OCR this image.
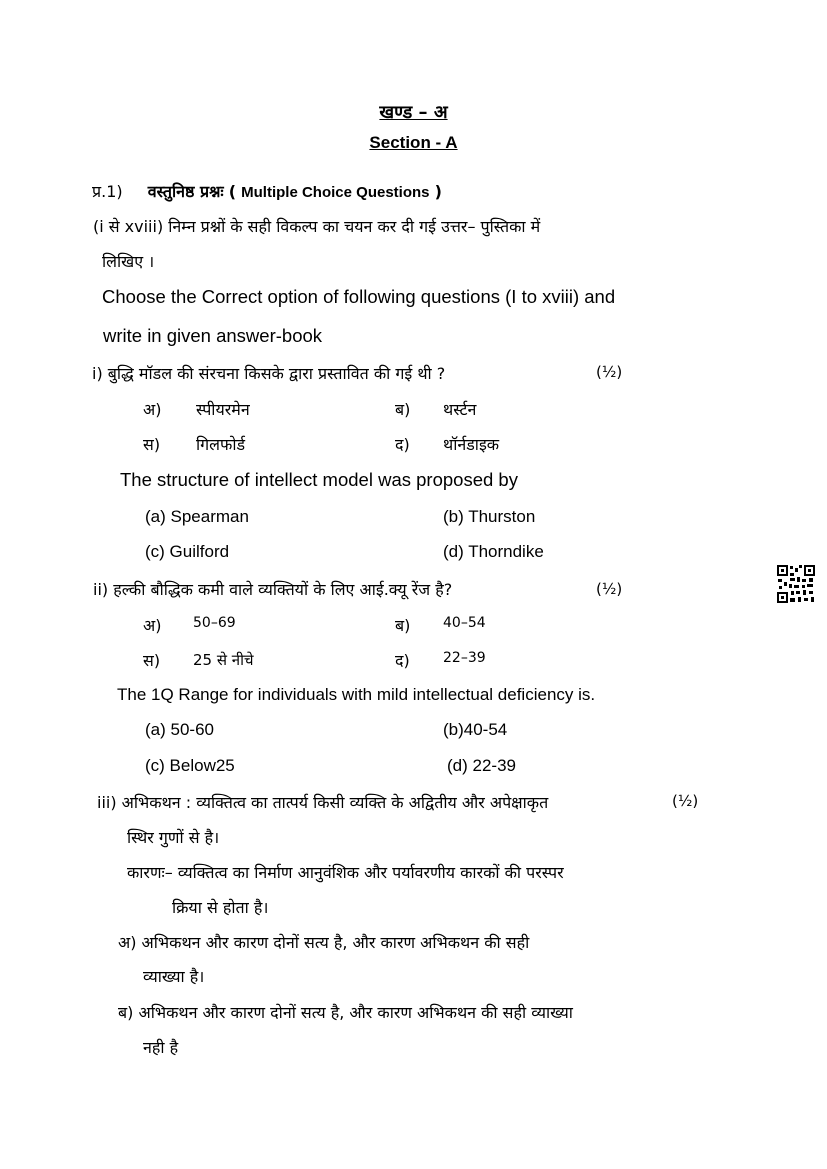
खण्ड – अ
Section - A
प्र.1) वस्तुनिष्ठ प्रश्नः ( Multiple Choice Questions )
(i से xviii) निम्न प्रश्नों के सही विकल्प का चयन कर दी गई उत्तर– पुस्तिका में
लिखिए ।
Choose the Correct option of following questions (I to xviii) and
write in given answer-book
i) बुद्धि मॉडल की संरचना किसके द्वारा प्रस्तावित की गई थी ?	(½)
अ) स्पीयरमेन	ब) थर्स्टन
स) गिलफोर्ड	द) थॉर्नडाइक
The structure of intellect model was proposed by
(a) Spearman	(b) Thurston
(c) Guilford	(d) Thorndike
ii) हल्की बौद्धिक कमी वाले व्यक्तियों के लिए आई.क्यू रेंज है?	(½)
अ) 50–69	ब) 40–54
स) 25 से नीचे	द) 22–39
The 1Q Range for individuals with mild intellectual deficiency is.
(a) 50-60	(b)40-54
(c) Below25	(d) 22-39
iii) अभिकथन : व्यक्तित्व का तात्पर्य किसी व्यक्ति के अद्वितीय और अपेक्षाकृत	(½)
स्थिर गुणों से है।
कारणः– व्यक्तित्व का निर्माण आनुवंशिक और पर्यावरणीय कारकों की परस्पर
क्रिया से होता है।
अ) अभिकथन और कारण दोनों सत्य है, और कारण अभिकथन की सही
व्याख्या है।
ब) अभिकथन और कारण दोनों सत्य है, और कारण अभिकथन की सही व्याख्या
नही है
